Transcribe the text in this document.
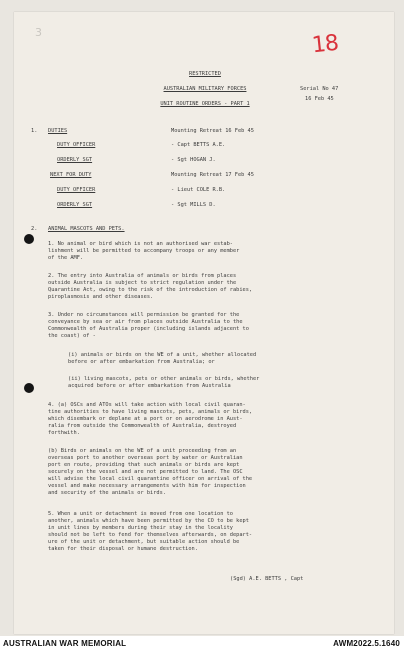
3	18
RESTRICTED
AUSTRALIAN MILITARY FORCES
UNIT ROUTINE ORDERS - PART 1
Serial No 47
16 Feb 45
1. DUTIES	Mounting Retreat 16 Feb 45
DUTY OFFICER	- Capt BETTS A.E.
ORDERLY SGT	- Sgt HOGAN J.
NEXT FOR DUTY	Mounting Retreat 17 Feb 45
DUTY OFFICER	- Lieut COLE R.B.
ORDERLY SGT	- Sgt MILLS D.
2. ANIMAL MASCOTS AND PETS.
1. No animal or bird which is not an authorised war estab-
lishment will be permitted to accompany troops or any member
of the AMF.
2. The entry into Australia of animals or birds from places
outside Australia is subject to strict regulation under the
Quarantine Act, owing to the risk of the introduction of rabies,
piroplasmosis and other diseases.
3. Under no circumstances will permission be granted for the
conveyance by sea or air from places outside Australia to the
Commonwealth of Australia proper (including islands adjacent to
the coast) of -
(i) animals or birds on the WE of a unit, whether allocated
before or after embarkation from Australia; or
(ii) living mascots, pets or other animals or birds, whether
acquired before or after embarkation from Australia
4. (a) OSCs and ATOs will take action with local civil quaran-
tine authorities to have living mascots, pets, animals or birds,
which disembark or deplane at a port or on aerodrome in Aust-
ralia from outside the Commonwealth of Australia, destroyed
forthwith.
(b) Birds or animals on the WE of a unit proceeding from an
overseas port to another overseas port by water or Australian
port en route, providing that such animals or birds are kept
securely on the vessel and are not permitted to land. The OSC
will advise the local civil quarantine officer on arrival of the
vessel and make necessary arrangements with him for inspection
and security of the animals or birds.
5. When a unit or detachment is moved from one location to
another, animals which have been permitted by the CO to be kept
in unit lines by members during their stay in the locality
should not be left to fend for themselves afterwards, on depart-
ure of the unit or detachment, but suitable action should be
taken for their disposal or humane destruction.
(Sgd) A.E. BETTS , Capt
AUSTRALIAN WAR MEMORIAL	AWM2022.5.1640
